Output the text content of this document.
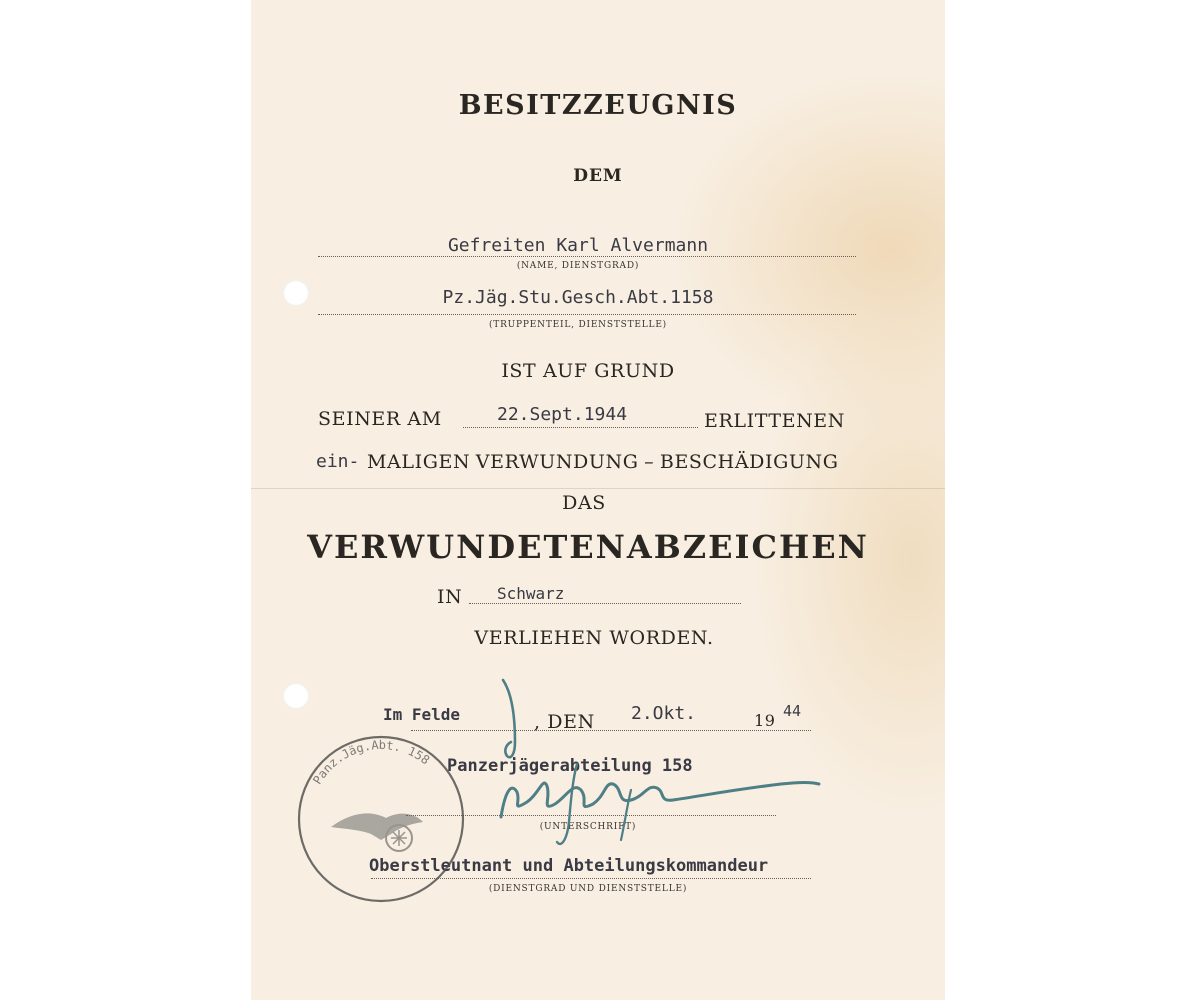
BESITZZEUGNIS
DEM
Gefreiten Karl Alvermann
(NAME, DIENSTGRAD)
Pz.Jäg.Stu.Gesch.Abt.1158
(TRUPPENTEIL, DIENSTSTELLE)
IST AUF GRUND
SEINER AM	22.Sept.1944	ERLITTENEN
ein- MALIGEN VERWUNDUNG – BESCHÄDIGUNG
DAS
VERWUNDETENABZEICHEN
IN Schwarz
VERLIEHEN WORDEN.
Im Felde	, DEN 2.Okt.	19 44
Panzerjägerabteilung 158
(UNTERSCHRIFT)
Oberstleutnant und Abteilungskommandeur
(DIENSTGRAD UND DIENSTSTELLE)
Panz.Jäg.Abt. 158
